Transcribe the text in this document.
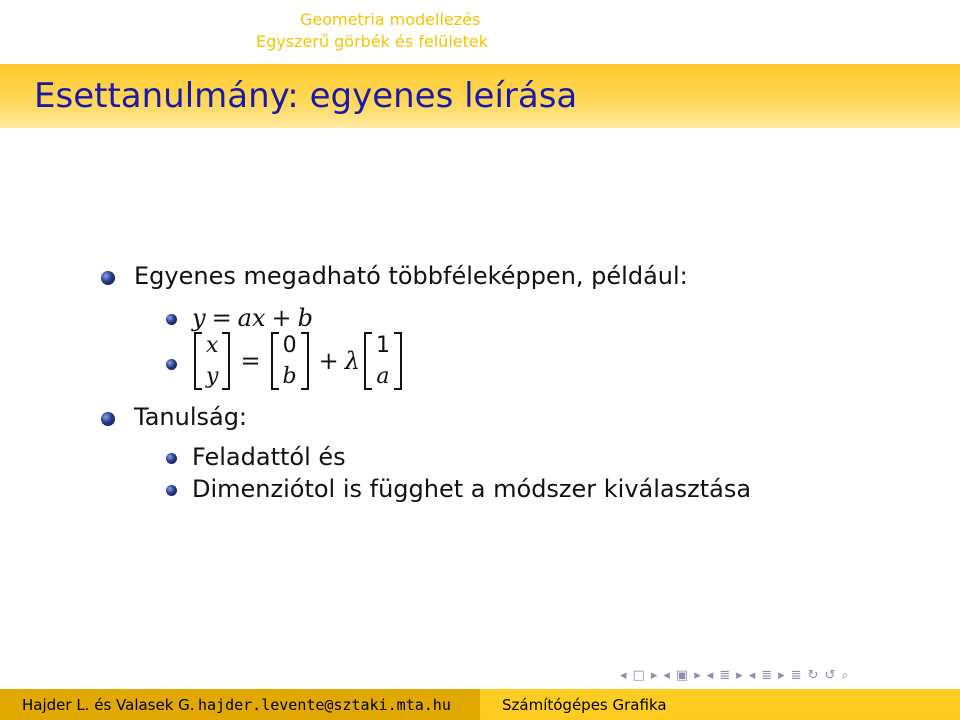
Geometria modellezés
Egyszerű görbék és felületek
Esettanulmány: egyenes leírása
Egyenes megadható többféleképpen, például:
y = ax + b
x
y
=
0
b
+ λ
1
a
Tanulság:
Feladattól és
Dimenziótol is függhet a módszer kiválasztása
◂ □ ▸ ◂ ▣ ▸ ◂ ≣ ▸ ◂ ≣ ▸ ≣ ↻ ↺ ⌕
Hajder L. és Valasek G. hajder.levente@sztaki.mta.hu	Számítógépes Grafika
